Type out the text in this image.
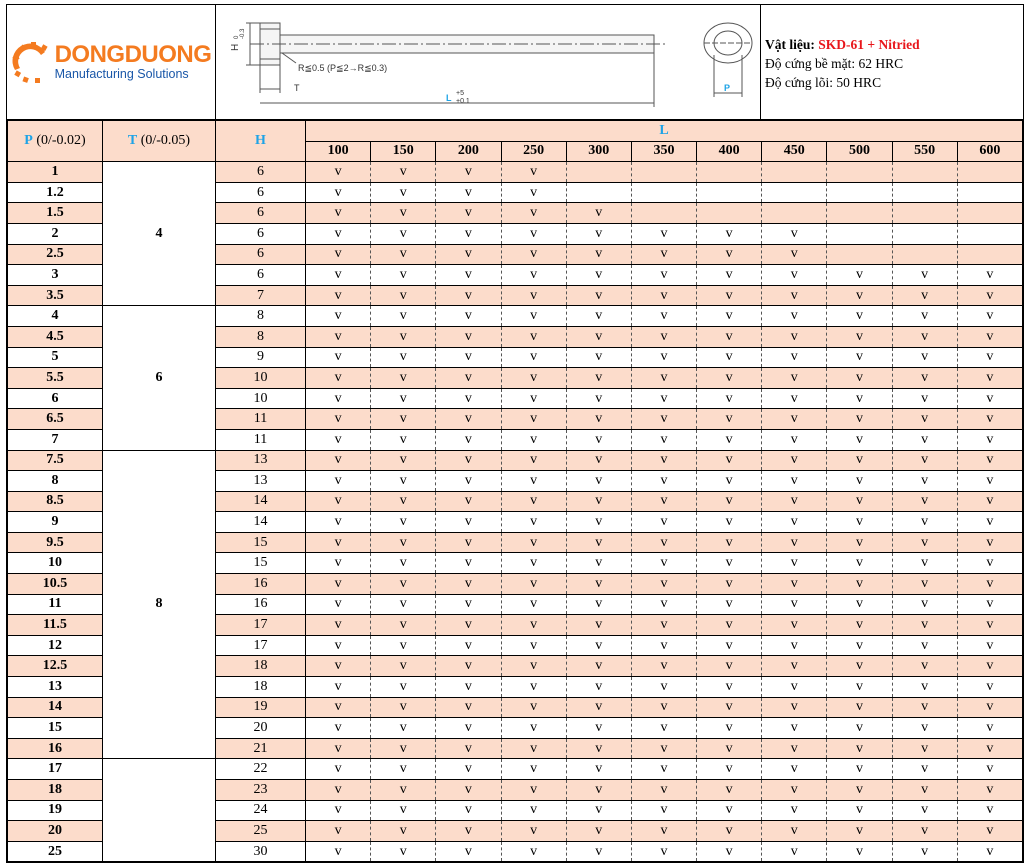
DONGDUONG
Manufacturing Solutions
H
0 -0.3
R≦0.5 (P≦2→R≦0.3)
T
L +5
+0.1
P
Vật liệu: SKD-61 + Nitried
Độ cứng bề mặt: 62 HRC
Độ cứng lõi: 50 HRC
P (0/-0.02)	T (0/-0.05)	H	L										
			100	150	200	250	300	350	400	450	500	550	600
1	4	6	v	v	v	v							
1.2		6	v	v	v	v							
1.5		6	v	v	v	v	v						
2		6	v	v	v	v	v	v	v	v			
2.5		6	v	v	v	v	v	v	v	v			
3		6	v	v	v	v	v	v	v	v	v	v	v
3.5		7	v	v	v	v	v	v	v	v	v	v	v
4	6	8	v	v	v	v	v	v	v	v	v	v	v
4.5		8	v	v	v	v	v	v	v	v	v	v	v
5		9	v	v	v	v	v	v	v	v	v	v	v
5.5		10	v	v	v	v	v	v	v	v	v	v	v
6		10	v	v	v	v	v	v	v	v	v	v	v
6.5		11	v	v	v	v	v	v	v	v	v	v	v
7		11	v	v	v	v	v	v	v	v	v	v	v
7.5	8	13	v	v	v	v	v	v	v	v	v	v	v
8		13	v	v	v	v	v	v	v	v	v	v	v
8.5		14	v	v	v	v	v	v	v	v	v	v	v
9		14	v	v	v	v	v	v	v	v	v	v	v
9.5		15	v	v	v	v	v	v	v	v	v	v	v
10		15	v	v	v	v	v	v	v	v	v	v	v
10.5		16	v	v	v	v	v	v	v	v	v	v	v
11		16	v	v	v	v	v	v	v	v	v	v	v
11.5		17	v	v	v	v	v	v	v	v	v	v	v
12		17	v	v	v	v	v	v	v	v	v	v	v
12.5		18	v	v	v	v	v	v	v	v	v	v	v
13		18	v	v	v	v	v	v	v	v	v	v	v
14		19	v	v	v	v	v	v	v	v	v	v	v
15		20	v	v	v	v	v	v	v	v	v	v	v
16		21	v	v	v	v	v	v	v	v	v	v	v
17		22	v	v	v	v	v	v	v	v	v	v	v
18		23	v	v	v	v	v	v	v	v	v	v	v
19		24	v	v	v	v	v	v	v	v	v	v	v
20		25	v	v	v	v	v	v	v	v	v	v	v
25		30	v	v	v	v	v	v	v	v	v	v	v
